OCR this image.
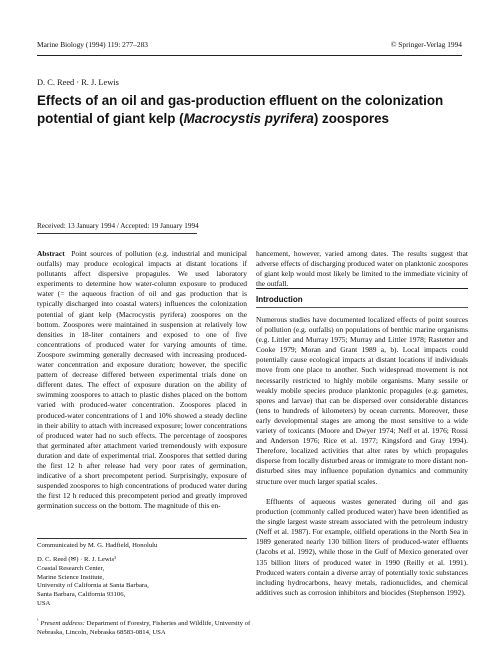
Marine Biology (1994) 119: 277–283	© Springer-Verlag 1994
D. C. Reed · R. J. Lewis
Effects of an oil and gas-production effluent on the colonization potential of giant kelp (Macrocystis pyrifera) zoospores
Received: 13 January 1994 / Accepted: 19 January 1994

Abstract Point sources of pollution (e.g. industrial and municipal outfalls) may produce ecological impacts at distant locations if pollutants affect dispersive propagules. We used laboratory experiments to determine how water-column exposure to produced water (= the aqueous fraction of oil and gas production that is typically discharged into coastal waters) influences the colonization potential of giant kelp (Macrocystis pyrifera) zoospores on the bottom. Zoospores were maintained in suspension at relatively low densities in 18-liter containers and exposed to one of five concentrations of produced water for varying amounts of time. Zoospore swimming generally decreased with increasing produced-water concentration and exposure duration; however, the specific pattern of decrease differed between experimental trials done on different dates. The effect of exposure duration on the ability of swimming zoospores to attach to plastic dishes placed on the bottom varied with produced-water concentration. Zoospores placed in produced-water concentrations of 1 and 10% showed a steady decline in their ability to attach with increased exposure; lower concentrations of produced water had no such effects. The percentage of zoospores that germinated after attachment varied tremendously with exposure duration and date of experimental trial. Zoospores that settled during the first 12 h after release had very poor rates of germination, indicative of a short precompetent period. Surprisingly, exposure of suspended zoospores to high concentrations of produced water during the first 12 h reduced this precompetent period and greatly improved germination success on the bottom. The magnitude of this en-

Communicated by M. G. Hadfield, Honolulu
D. C. Reed (✉) · R. J. Lewis¹
Coastal Research Center,
Marine Science Institute,
University of California at Santa Barbara,
Santa Barbara, California 93106,
USA
$^{^1}$ Present address: Department of Forestry, Fisheries and Wildlife, University of Nebraska, Lincoln, Nebraska 68583-0814, USA

hancement, however, varied among dates. The results suggest that adverse effects of discharging produced water on planktonic zoospores of giant kelp would most likely be limited to the immediate vicinity of the outfall.

Introduction

Numerous studies have documented localized effects of point sources of pollution (e.g. outfalls) on populations of benthic marine organisms (e.g. Littler and Murray 1975; Murray and Littler 1978; Rastetter and Cooke 1979; Moran and Grant 1989 a, b). Local impacts could potentially cause ecological impacts at distant locations if individuals move from one place to another. Such widespread movement is not necessarily restricted to highly mobile organisms. Many sessile or weakly mobile species produce planktonic propagules (e.g. gametes, spores and larvae) that can be dispersed over considerable distances (tens to hundreds of kilometers) by ocean currents. Moreover, these early developmental stages are among the most sensitive to a wide variety of toxicants (Moore and Dwyer 1974; Neff et al. 1976; Rossi and Anderson 1976; Rice et al. 1977; Kingsford and Gray 1994). Therefore, localized activities that alter rates by which propagules disperse from locally disturbed areas or immigrate to more distant non-disturbed sites may influence population dynamics and community structure over much larger spatial scales.

Effluents of aqueous wastes generated during oil and gas production (commonly called produced water) have been identified as the single largest waste stream associated with the petroleum industry (Neff et al. 1987). For example, oilfield operations in the North Sea in 1989 generated nearly 130 billion liters of produced-water effluents (Jacobs et al. 1992), while those in the Gulf of Mexico generated over 135 billion liters of produced water in 1990 (Reilly et al. 1991). Produced waters contain a diverse array of potentially toxic substances including hydrocarbons, heavy metals, radionuclides, and chemical additives such as corrosion inhibitors and biocides (Stephenson 1992).
